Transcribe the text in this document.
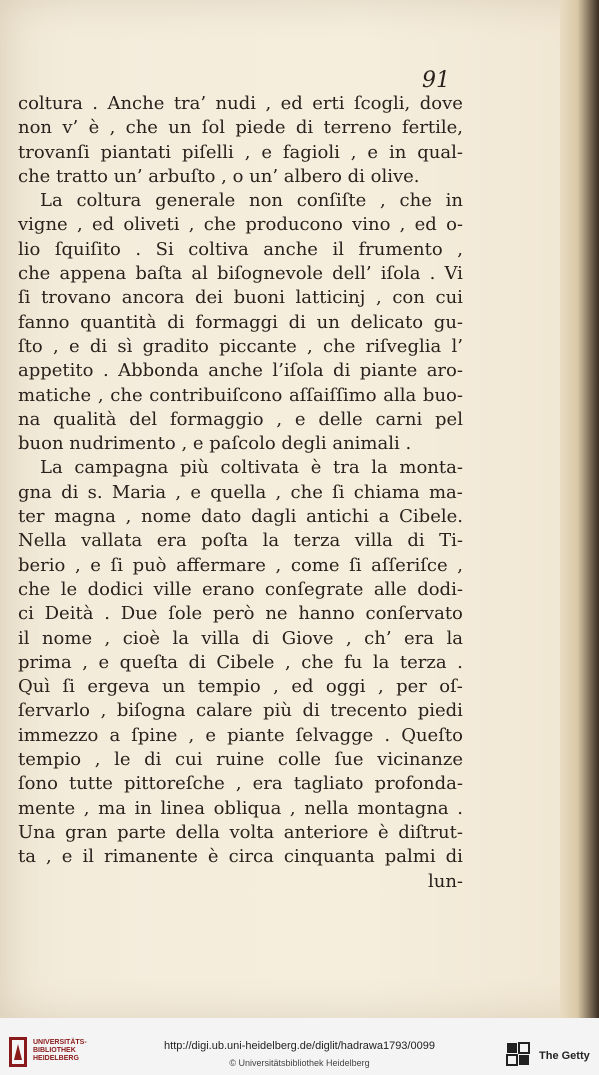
91
coltura . Anche tra’ nudi , ed erti ſcogli, dove
non v’ è , che un ſol piede di terreno fertile,
trovanſi piantati piſelli , e fagioli , e in qual-
che tratto un’ arbuſto , o un’ albero di olive.
La coltura generale non conſiſte , che in
vigne , ed oliveti , che producono vino , ed o-
lio ſquiſito . Si coltiva anche il frumento ,
che appena baſta al biſognevole dell’ iſola . Vi
ſi trovano ancora dei buoni latticinj , con cui
fanno quantità di formaggi di un delicato gu-
ſto , e di sì gradito piccante , che riſveglia l’
appetito . Abbonda anche l’iſola di piante aro-
matiche , che contribuiſcono aſſaiſſimo alla buo-
na qualità del formaggio , e delle carni pel
buon nudrimento , e paſcolo degli animali .
La campagna più coltivata è tra la monta-
gna di s. Maria , e quella , che ſi chiama ma-
ter magna , nome dato dagli antichi a Cibele.
Nella vallata era poſta la terza villa di Ti-
berio , e ſi può affermare , come ſi aſſeriſce ,
che le dodici ville erano conſegrate alle dodi-
ci Deità . Due ſole però ne hanno conſervato
il nome , cioè la villa di Giove , ch’ era la
prima , e queſta di Cibele , che fu la terza .
Quì ſi ergeva un tempio , ed oggi , per oſ-
ſervarlo , biſogna calare più di trecento piedi
immezzo a ſpine , e piante ſelvagge . Queſto
tempio , le di cui ruine colle ſue vicinanze
ſono tutte pittoreſche , era tagliato profonda-
mente , ma in linea obliqua , nella montagna .
Una gran parte della volta anteriore è diſtrut-
ta , e il rimanente è circa cinquanta palmi di
lun-
UNIVERSITÄTS-
BIBLIOTHEK
HEIDELBERG
http://digi.ub.uni-heidelberg.de/diglit/hadrawa1793/0099
© Universitätsbibliothek Heidelberg
The Getty
